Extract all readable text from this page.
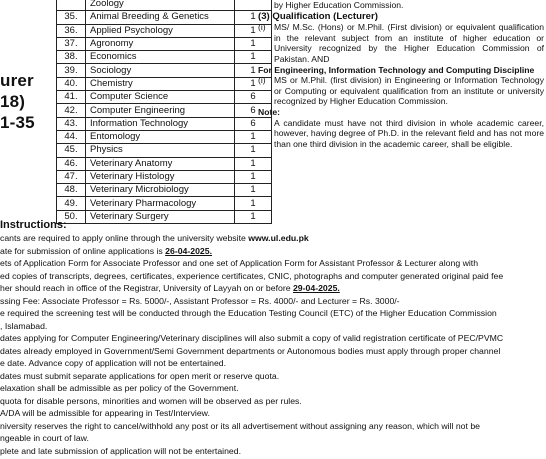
urer
18)
1-35
	Zoology	
35.	Animal Breeding & Genetics	1
36.	Applied Psychology	1
37.	Agronomy	1
38.	Economics	1
39.	Sociology	1
40.	Chemistry	1
41.	Computer Science	6
42.	Computer Engineering	6
43.	Information Technology	6
44.	Entomology	1
45.	Physics	1
46.	Veterinary Anatomy	1
47.	Veterinary Histology	1
48.	Veterinary Microbiology	1
49.	Veterinary Pharmacology	1
50.	Veterinary Surgery	1
by Higher Education Commission.
(3) Qualification (Lecturer)
(i) MS/ M.Sc. (Hons) or M.Phil. (First division) or equivalent qualification in the relevant subject from an institute of higher education or University recognized by the Higher Education Commission of Pakistan. AND
For Engineering, Information Technology and Computing Discipline
(i) MS or M.Phil. (first division) in Engineering or Information Technology or Computing or equivalent qualification from an institute or university recognized by Higher Education Commission.
Note:
A candidate must have not third division in whole academic career, however, having degree of Ph.D. in the relevant field and has not more than one third division in the academic career, shall be eligible.
Instructions:
cants are required to apply online through the university website www.ul.edu.pk
ate for submission of online applications is 26-04-2025.
ets of Application Form for Associate Professor and one set of Application Form for Assistant Professor & Lecturer along with
ed copies of transcripts, degrees, certificates, experience certificates, CNIC, photographs and computer generated original paid fee
her should reach in office of the Registrar, University of Layyah on or before 29-04-2025.
ssing Fee: Associate Professor = Rs. 5000/-, Assistant Professor = Rs. 4000/- and Lecturer = Rs. 3000/-
e required the screening test will be conducted through the Education Testing Council (ETC) of the Higher Education Commission
, Islamabad.
dates applying for Computer Engineering/Veterinary disciplines will also submit a copy of valid registration certificate of PEC/PVMC
dates already employed in Government/Semi Government departments or Autonomous bodies must apply through proper channel
e date. Advance copy of application will not be entertained.
dates must submit separate applications for open merit or reserve quota.
elaxation shall be admissible as per policy of the Government.
quota for disable persons, minorities and women will be observed as per rules.
A/DA will be admissible for appearing in Test/Interview.
niversity reserves the right to cancel/withhold any post or its all advertisement without assigning any reason, which will not be
ngeable in court of law.
plete and late submission of application will not be entertained.
